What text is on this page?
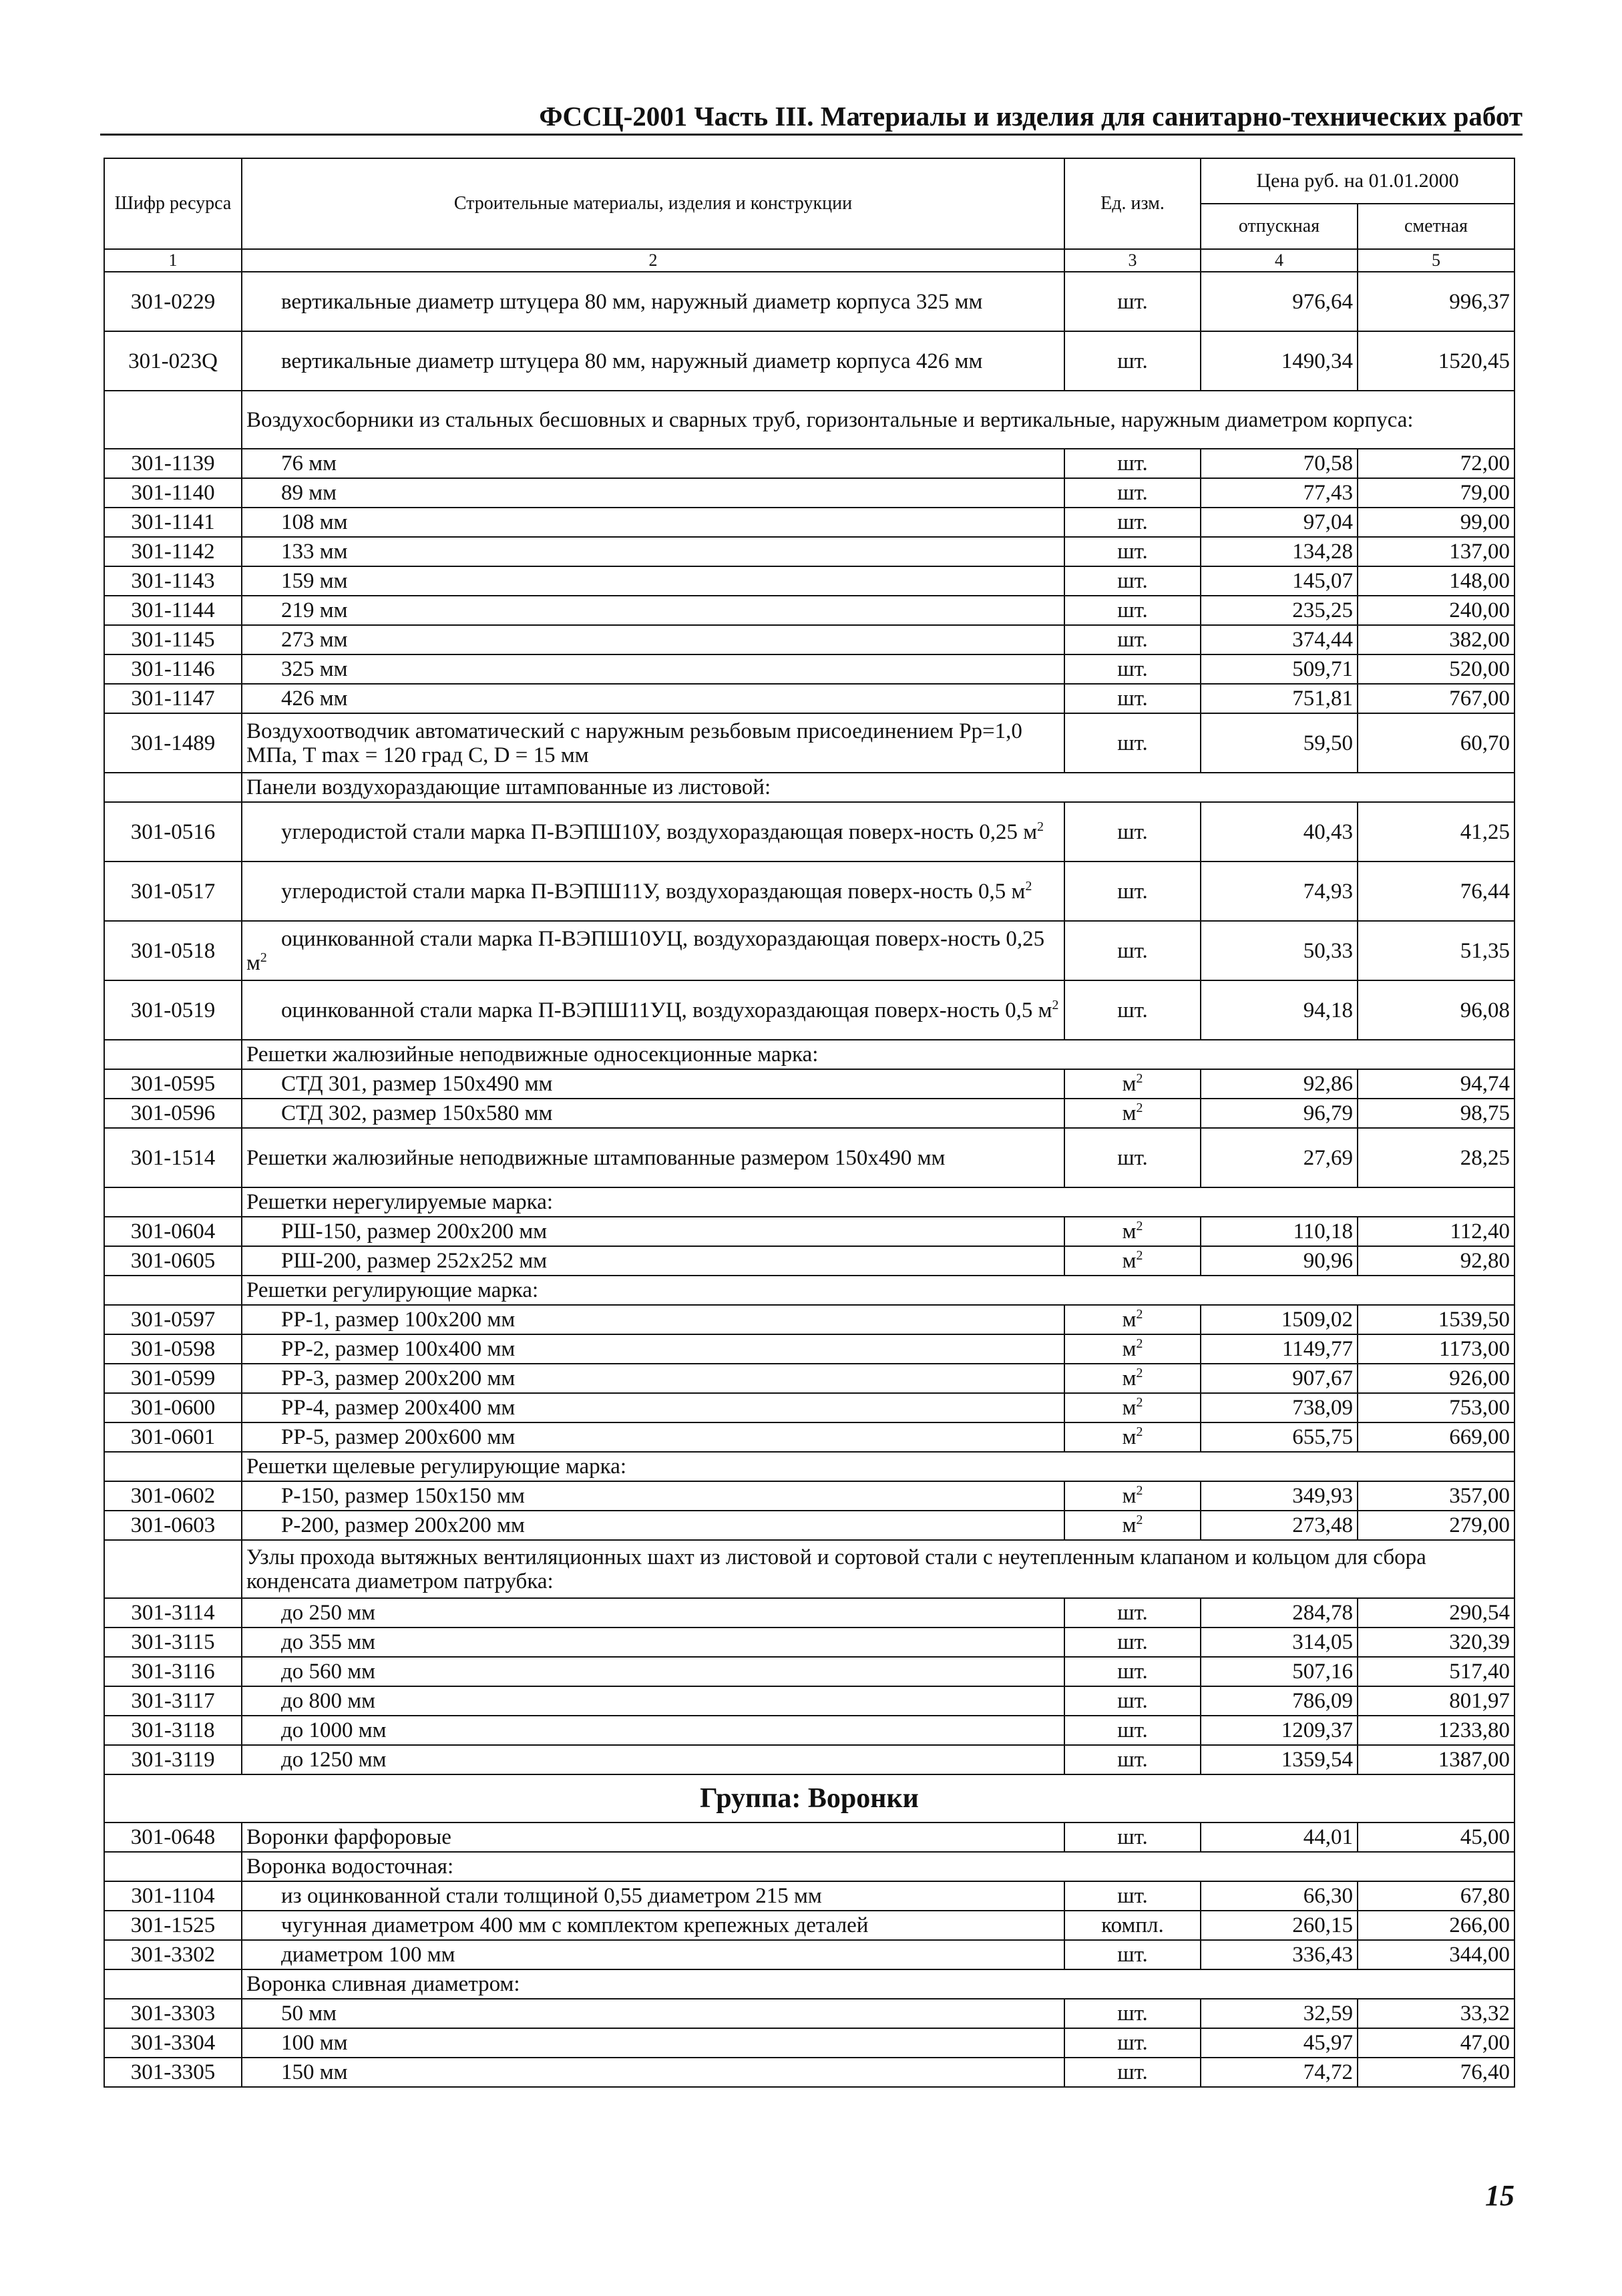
ФССЦ-2001 Часть III. Материалы и изделия для санитарно-технических работ
Шифр ресурса	Строительные материалы, изделия и конструкции	Ед. изм.	Цена руб. на 01.01.2000	
			отпускная	сметная
1	2	3	4	5
301-0229	вертикальные диаметр штуцера 80 мм, наружный диаметр корпуса 325 мм	шт.	976,64	996,37
301-023Q	вертикальные диаметр штуцера 80 мм, наружный диаметр корпуса 426 мм	шт.	1490,34	1520,45
	Воздухосборники из стальных бесшовных и сварных труб, горизонтальные и вертикальные, наружным диаметром корпуса:			
301-1139	76 мм	шт.	70,58	72,00
301-1140	89 мм	шт.	77,43	79,00
301-1141	108 мм	шт.	97,04	99,00
301-1142	133 мм	шт.	134,28	137,00
301-1143	159 мм	шт.	145,07	148,00
301-1144	219 мм	шт.	235,25	240,00
301-1145	273 мм	шт.	374,44	382,00
301-1146	325 мм	шт.	509,71	520,00
301-1147	426 мм	шт.	751,81	767,00
301-1489	Воздухоотводчик автоматический с наружным резьбовым присоединением Рр=1,0 МПа, Т max = 120 град С, D = 15 мм	шт.	59,50	60,70
	Панели воздухораздающие штампованные из листовой:			
301-0516	углеродистой стали марка П-ВЭПШ10У, воздухораздающая поверх-ность 0,25 $м^2$	шт.	40,43	41,25
301-0517	углеродистой стали марка П-ВЭПШ11У, воздухораздающая поверх-ность 0,5 $м^2$	шт.	74,93	76,44
301-0518	оцинкованной стали марка П-ВЭПШ10УЦ, воздухораздающая поверх-ность 0,25 $м^2$	шт.	50,33	51,35
301-0519	оцинкованной стали марка П-ВЭПШ11УЦ, воздухораздающая поверх-ность 0,5 $м^2$	шт.	94,18	96,08
	Решетки жалюзийные неподвижные односекционные марка:			
301-0595	СТД 301, размер 150х490 мм	$м^2$	92,86	94,74
301-0596	СТД 302, размер 150х580 мм	$м^2$	96,79	98,75
301-1514	Решетки жалюзийные неподвижные штампованные размером 150х490 мм	шт.	27,69	28,25
	Решетки нерегулируемые марка:			
301-0604	РШ-150, размер 200х200 мм	$м^2$	110,18	112,40
301-0605	РШ-200, размер 252х252 мм	$м^2$	90,96	92,80
	Решетки регулирующие марка:			
301-0597	РР-1, размер 100х200 мм	$м^2$	1509,02	1539,50
301-0598	РР-2, размер 100х400 мм	$м^2$	1149,77	1173,00
301-0599	РР-3, размер 200х200 мм	$м^2$	907,67	926,00
301-0600	РР-4, размер 200х400 мм	$м^2$	738,09	753,00
301-0601	РР-5, размер 200х600 мм	$м^2$	655,75	669,00
	Решетки щелевые регулирующие марка:			
301-0602	Р-150, размер 150х150 мм	$м^2$	349,93	357,00
301-0603	Р-200, размер 200х200 мм	$м^2$	273,48	279,00
	Узлы прохода вытяжных вентиляционных шахт из листовой и сортовой стали с неутепленным клапаном и кольцом для сбора конденсата диаметром патрубка:			
301-3114	до 250 мм	шт.	284,78	290,54
301-3115	до 355 мм	шт.	314,05	320,39
301-3116	до 560 мм	шт.	507,16	517,40
301-3117	до 800 мм	шт.	786,09	801,97
301-3118	до 1000 мм	шт.	1209,37	1233,80
301-3119	до 1250 мм	шт.	1359,54	1387,00
Группа: Воронки				
301-0648	Воронки фарфоровые	шт.	44,01	45,00
	Воронка водосточная:			
301-1104	из оцинкованной стали толщиной 0,55 диаметром 215 мм	шт.	66,30	67,80
301-1525	чугунная диаметром 400 мм с комплектом крепежных деталей	компл.	260,15	266,00
301-3302	диаметром 100 мм	шт.	336,43	344,00
	Воронка сливная диаметром:			
301-3303	50 мм	шт.	32,59	33,32
301-3304	100 мм	шт.	45,97	47,00
301-3305	150 мм	шт.	74,72	76,40
15
